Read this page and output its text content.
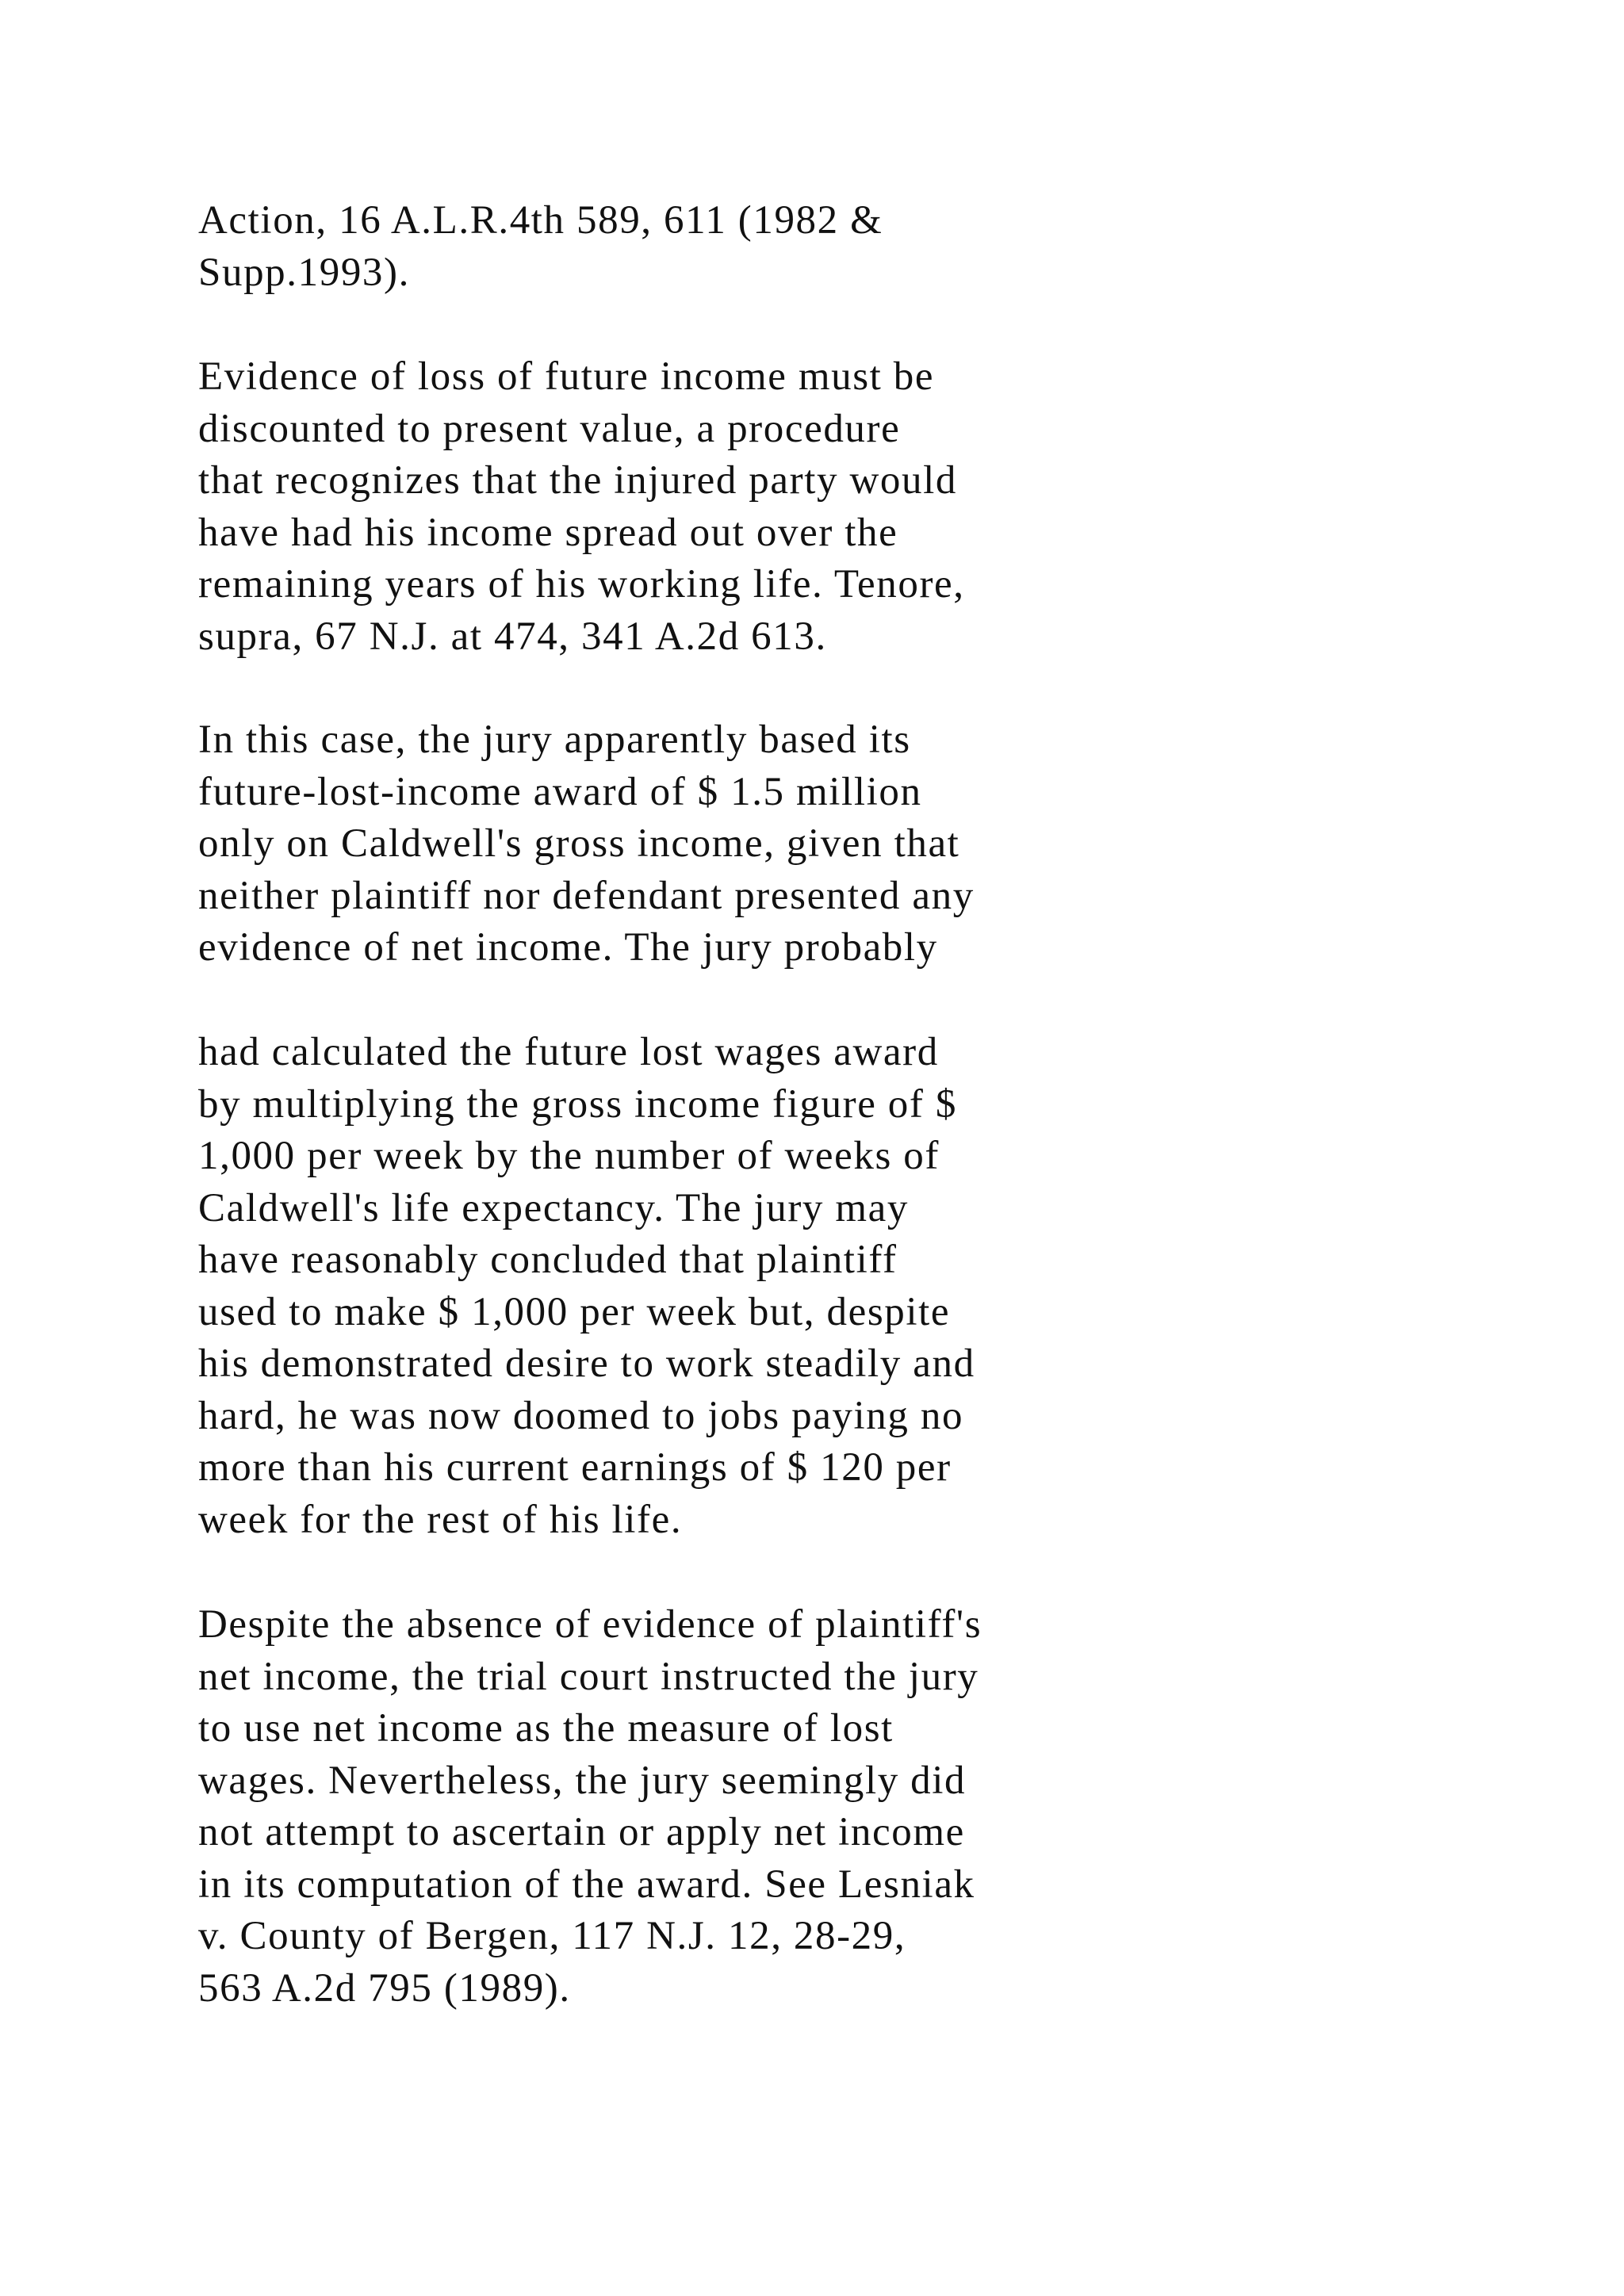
Action, 16 A.L.R.4th 589, 611 (1982 &
Supp.1993).

Evidence of loss of future income must be
discounted to present value, a procedure
that recognizes that the injured party would
have had his income spread out over the
remaining years of his working life. Tenore,
supra, 67 N.J. at 474, 341 A.2d 613.

In this case, the jury apparently based its
future-lost-income award of $ 1.5 million
only on Caldwell's gross income, given that
neither plaintiff nor defendant presented any
evidence of net income. The jury probably

had calculated the future lost wages award
by multiplying the gross income figure of $
1,000 per week by the number of weeks of
Caldwell's life expectancy. The jury may
have reasonably concluded that plaintiff
used to make $ 1,000 per week but, despite
his demonstrated desire to work steadily and
hard, he was now doomed to jobs paying no
more than his current earnings of $ 120 per
week for the rest of his life.

Despite the absence of evidence of plaintiff's
net income, the trial court instructed the jury
to use net income as the measure of lost
wages. Nevertheless, the jury seemingly did
not attempt to ascertain or apply net income
in its computation of the award. See Lesniak
v. County of Bergen, 117 N.J. 12, 28-29,
563 A.2d 795 (1989).
